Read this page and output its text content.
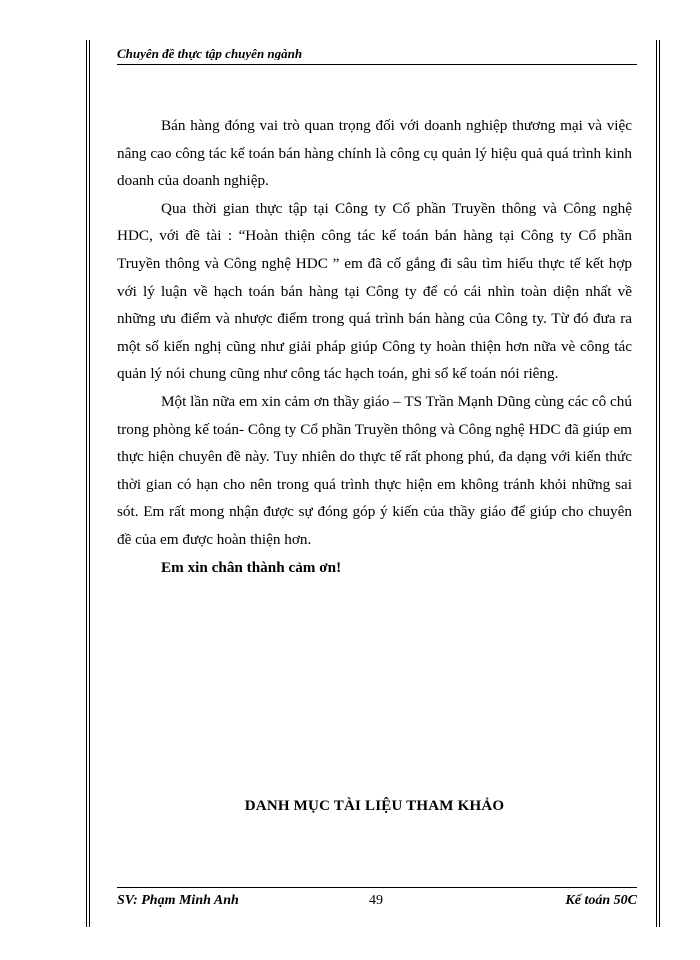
Chuyên đề thực tập chuyên ngành

Bán hàng đóng vai trò quan trọng đối với doanh nghiệp thương mại và việc nâng cao công tác kế toán bán hàng chính là công cụ quản lý hiệu quả quá trình kinh doanh của doanh nghiệp.

Qua thời gian thực tập tại Công ty Cổ phần Truyền thông và Công nghệ HDC, với đề tài : “Hoàn thiện công tác kế toán bán hàng tại Công ty Cổ phần Truyền thông và Công nghệ HDC ” em đã cố gắng đi sâu tìm hiểu thực tế kết hợp với lý luận về hạch toán bán hàng tại Công ty để có cái nhìn toàn diện nhất về những ưu điểm và nhược điểm trong quá trình bán hàng của Công ty. Từ đó đưa ra một số kiến nghị cũng như giải pháp giúp Công ty hoàn thiện hơn nữa vè công tác quản lý nói chung cũng như công tác hạch toán, ghi sổ kế toán nói riêng.

Một lần nữa em xin cảm ơn thầy giáo – TS Trần Mạnh Dũng cùng các cô chú trong phòng kế toán- Công ty Cổ phần Truyền thông và Công nghệ HDC đã giúp em thực hiện chuyên đề này. Tuy nhiên do thực tế rất phong phú, đa dạng với kiến thức thời gian có hạn cho nên trong quá trình thực hiện em không tránh khỏi những sai sót. Em rất mong nhận được sự đóng góp ý kiến của thầy giáo để giúp cho chuyên đề của em được hoàn thiện hơn.

Em xin chân thành cảm ơn!

DANH MỤC TÀI LIỆU THAM KHẢO
SV: Phạm Minh Anh	49	Kế toán 50C
